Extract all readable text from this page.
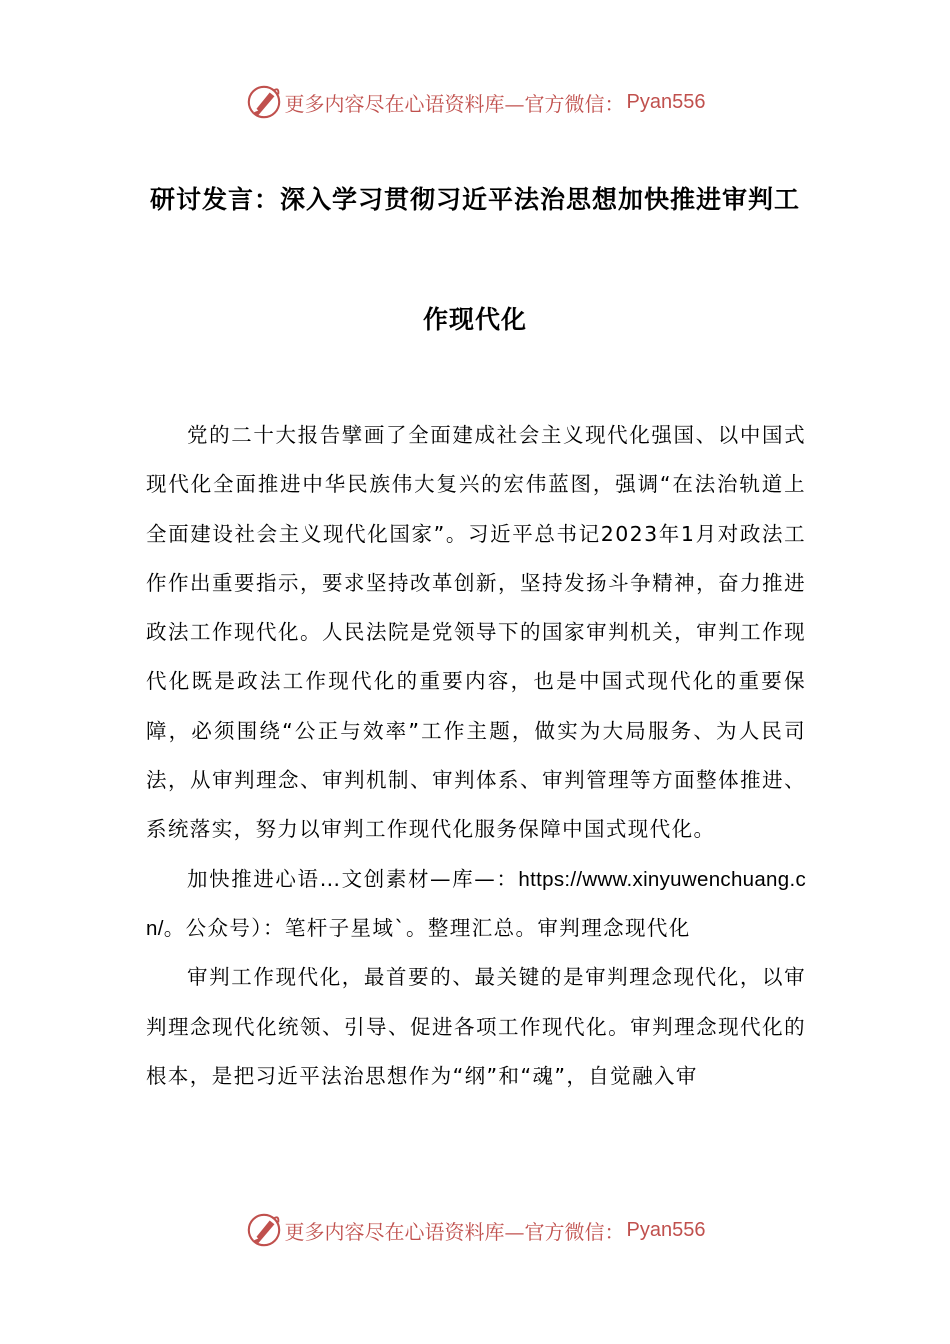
更多内容尽在心语资料库—官方微信： Pyan556
研讨发言：深入学习贯彻习近平法治思想加快推进审判工
作现代化

党的二十大报告擘画了全面建成社会主义现代化强国、以中国式现代化全面推进中华民族伟大复兴的宏伟蓝图，强调“在法治轨道上全面建设社会主义现代化国家”。习近平总书记2023年1月对政法工作作出重要指示，要求坚持改革创新，坚持发扬斗争精神，奋力推进政法工作现代化。人民法院是党领导下的国家审判机关，审判工作现代化既是政法工作现代化的重要内容，也是中国式现代化的重要保障，必须围绕“公正与效率”工作主题，做实为大局服务、为人民司法，从审判理念、审判机制、审判体系、审判管理等方面整体推进、系统落实，努力以审判工作现代化服务保障中国式现代化。

加快推进心语…文创素材—库—：https://www.xinyuwenchuang.cn/。公众号）：笔杆子星域`。整理汇总。审判理念现代化

审判工作现代化，最首要的、最关键的是审判理念现代化，以审判理念现代化统领、引导、促进各项工作现代化。审判理念现代化的根本，是把习近平法治思想作为“纲”和“魂”，自觉融入审

更多内容尽在心语资料库—官方微信： Pyan556
